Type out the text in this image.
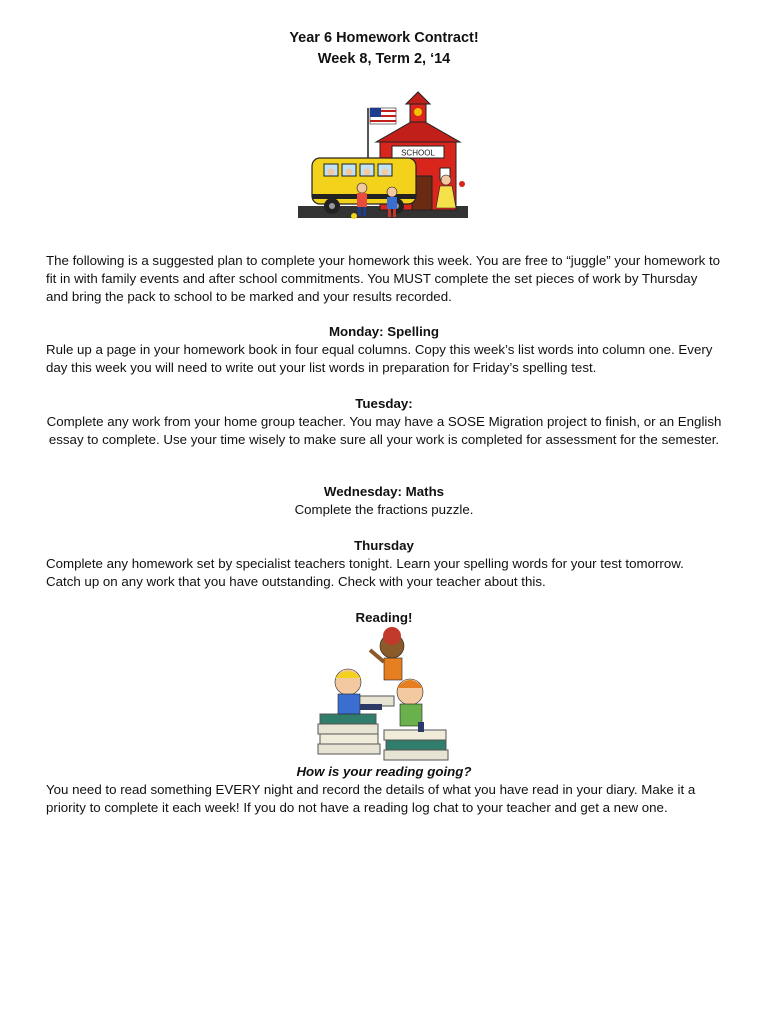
Year 6 Homework Contract!

Week 8, Term 2, ‘14

SCHOOL

The following is a suggested plan to complete your homework this week. You are free to “juggle” your homework to fit in with family events and after school commitments. You MUST complete the set pieces of work by Thursday and bring the pack to school to be marked and your results recorded.

Monday: Spelling

Rule up a page in your homework book in four equal columns. Copy this week’s list words into column one. Every day this week you will need to write out your list words in preparation for Friday’s spelling test.

Tuesday:

Complete any work from your home group teacher. You may have a SOSE Migration project to finish, or an English essay to complete. Use your time wisely to make sure all your work is completed for assessment for the semester.

Wednesday: Maths

Complete the fractions puzzle.

Thursday

Complete any homework set by specialist teachers tonight. Learn your spelling words for your test tomorrow. Catch up on any work that you have outstanding. Check with your teacher about this.

Reading!

How is your reading going?

You need to read something EVERY night and record the details of what you have read in your diary. Make it a priority to complete it each week! If you do not have a reading log chat to your teacher and get a new one.
